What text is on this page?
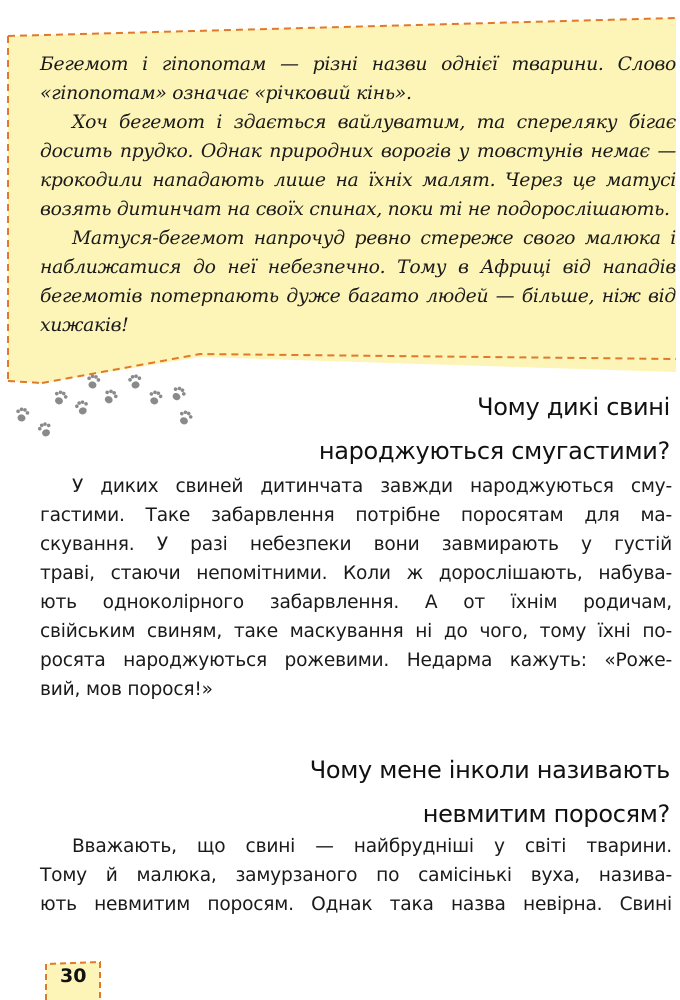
Бегемот і гіпопотам — різні назви однієї тварини. Слово «гіпопотам» означає «річковий кінь».

Хоч бегемот і здається вайлуватим, та спереляку бігає досить прудко. Однак природних ворогів у товстунів немає — крокодили нападають лише на їхніх малят. Через це матусі возять дитинчат на своїх спинах, поки ті не подорослішають.

Матуся-бегемот напрочуд ревно стереже свого малюка і наближатися до неї небезпечно. Тому в Африці від нападів бегемотів потерпають дуже багато людей — більше, ніж від хижаків!

Чому дикі свині
народжуються смугастими?
У диких свиней дитинчата завжди народжуються сму-
гастими. Таке забарвлення потрібне поросятам для ма-
скування. У разі небезпеки вони завмирають у густій
траві, стаючи непомітними. Коли ж дорослішають, набува-
ють одноколірного забарвлення. А от їхнім родичам,
свійським свиням, таке маскування ні до чого, тому їхні по-
росята народжуються рожевими. Недарма кажуть: «Роже-
вий, мов порося!»
Чому мене інколи називають
невмитим поросям?
Вважають, що свині — найбрудніші у світі тварини.
Тому й малюка, замурзаного по самісінькі вуха, назива-
ють невмитим поросям. Однак така назва невірна. Свині
30
